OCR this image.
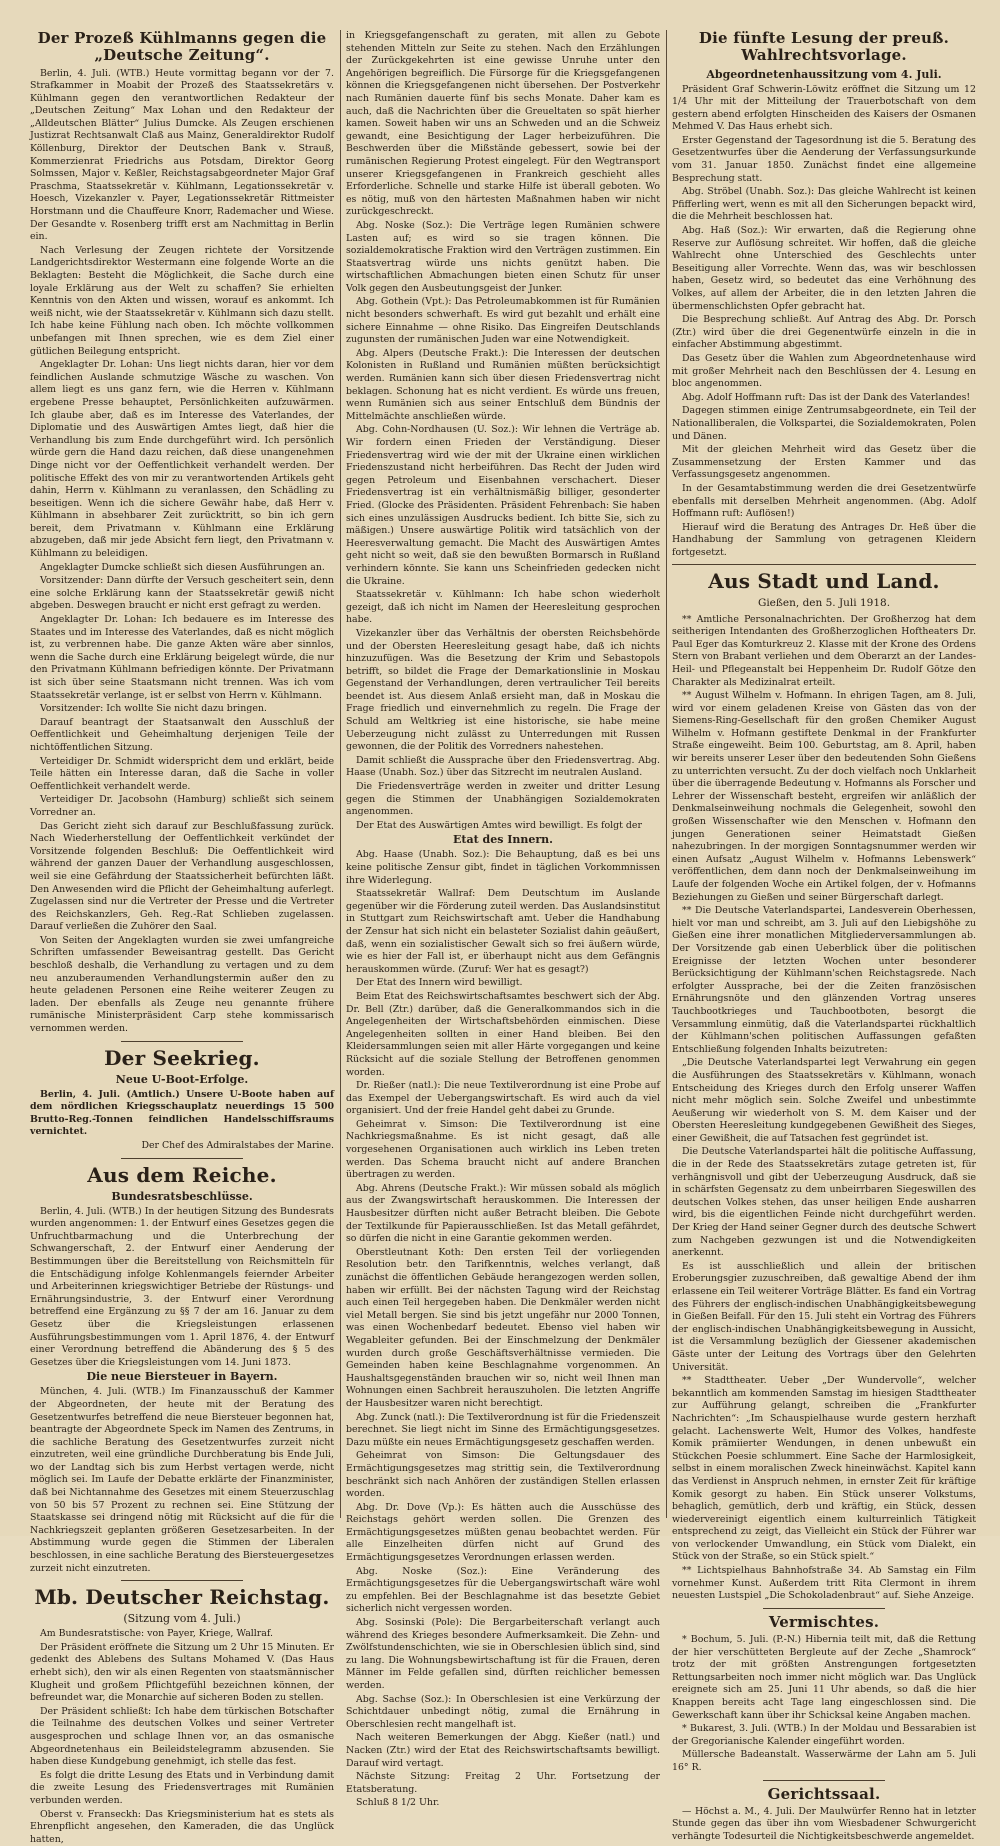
Der Prozeß Kühlmanns gegen die „Deutsche Zeitung“.
Berlin, 4. Juli. (WTB.) Heute vormittag begann vor der 7. Strafkammer in Moabit der Prozeß des Staatssekretärs v. Kühlmann gegen den verantwortlichen Redakteur der „Deutschen Zeitung“ Max Lohan und den Redakteur der „Alldeutschen Blätter“ Julius Dumcke. Als Zeugen erschienen Justizrat Rechtsanwalt Claß aus Mainz, Generaldirektor Rudolf Köllenburg, Direktor der Deutschen Bank v. Strauß, Kommerzienrat Friedrichs aus Potsdam, Direktor Georg Solmssen, Major v. Keßler, Reichstagsabgeordneter Major Graf Praschma, Staatssekretär v. Kühlmann, Legationssekretär v. Hoesch, Vizekanzler v. Payer, Legationssekretär Rittmeister Horstmann und die Chauffeure Knorr, Rademacher und Wiese. Der Gesandte v. Rosenberg trifft erst am Nachmittag in Berlin ein.
Nach Verlesung der Zeugen richtete der Vorsitzende Landgerichtsdirektor Westermann eine folgende Worte an die Beklagten: Besteht die Möglichkeit, die Sache durch eine loyale Erklärung aus der Welt zu schaffen? Sie erhielten Kenntnis von den Akten und wissen, worauf es ankommt. Ich weiß nicht, wie der Staatssekretär v. Kühlmann sich dazu stellt. Ich habe keine Fühlung nach oben. Ich möchte vollkommen unbefangen mit Ihnen sprechen, wie es dem Ziel einer gütlichen Beilegung entspricht.
Angeklagter Dr. Lohan: Uns liegt nichts daran, hier vor dem feindlichen Auslande schmutzige Wäsche zu waschen. Von allem liegt es uns ganz fern, wie die Herren v. Kühlmann ergebene Presse behauptet, Persönlichkeiten aufzuwärmen. Ich glaube aber, daß es im Interesse des Vaterlandes, der Diplomatie und des Auswärtigen Amtes liegt, daß hier die Verhandlung bis zum Ende durchgeführt wird. Ich persönlich würde gern die Hand dazu reichen, daß diese unangenehmen Dinge nicht vor der Oeffentlichkeit verhandelt werden. Der politische Effekt des von mir zu verantwortenden Artikels geht dahin, Herrn v. Kühlmann zu veranlassen, den Schädling zu beseitigen. Wenn ich die sichere Gewähr habe, daß Herr v. Kühlmann in absehbarer Zeit zurücktritt, so bin ich gern bereit, dem Privatmann v. Kühlmann eine Erklärung abzugeben, daß mir jede Absicht fern liegt, den Privatmann v. Kühlmann zu beleidigen.
Angeklagter Dumcke schließt sich diesen Ausführungen an.
Vorsitzender: Dann dürfte der Versuch gescheitert sein, denn eine solche Erklärung kann der Staatssekretär gewiß nicht abgeben. Deswegen braucht er nicht erst gefragt zu werden.
Angeklagter Dr. Lohan: Ich bedauere es im Interesse des Staates und im Interesse des Vaterlandes, daß es nicht möglich ist, zu verbrennen habe. Die ganze Akten wäre aber sinnlos, wenn die Sache durch eine Erklärung beigelegt würde, die nur den Privatmann Kühlmann befriedigen könnte. Der Privatmann ist sich über seine Staatsmann nicht trennen. Was ich vom Staatssekretär verlange, ist er selbst von Herrn v. Kühlmann.
Vorsitzender: Ich wollte Sie nicht dazu bringen.
Darauf beantragt der Staatsanwalt den Ausschluß der Oeffentlichkeit und Geheimhaltung derjenigen Teile der nichtöffentlichen Sitzung.
Verteidiger Dr. Schmidt widerspricht dem und erklärt, beide Teile hätten ein Interesse daran, daß die Sache in voller Oeffentlichkeit verhandelt werde.
Verteidiger Dr. Jacobsohn (Hamburg) schließt sich seinem Vorredner an.
Das Gericht zieht sich darauf zur Beschlußfassung zurück. Nach Wiederherstellung der Oeffentlichkeit verkündet der Vorsitzende folgenden Beschluß: Die Oeffentlichkeit wird während der ganzen Dauer der Verhandlung ausgeschlossen, weil sie eine Gefährdung der Staatssicherheit befürchten läßt. Den Anwesenden wird die Pflicht der Geheimhaltung auferlegt. Zugelassen sind nur die Vertreter der Presse und die Vertreter des Reichskanzlers, Geh. Reg.-Rat Schlieben zugelassen. Darauf verließen die Zuhörer den Saal.
Von Seiten der Angeklagten wurden sie zwei umfangreiche Schriften umfassender Beweisantrag gestellt. Das Gericht beschloß deshalb, die Verhandlung zu vertagen und zu dem neu anzuberaumenden Verhandlungstermin außer den zu heute geladenen Personen eine Reihe weiterer Zeugen zu laden. Der ebenfalls als Zeuge neu genannte frühere rumänische Ministerpräsident Carp stehe kommissarisch vernommen werden.
Der Seekrieg.
Neue U-Boot-Erfolge.
Berlin, 4. Juli. (Amtlich.) Unsere U-Boote haben auf dem nördlichen Kriegsschauplatz neuerdings 15 500 Brutto-Reg.-Tonnen feindlichen Handelsschiffsraums vernichtet.
Der Chef des Admiralstabes der Marine.
Aus dem Reiche.
Bundesratsbeschlüsse.
Berlin, 4. Juli. (WTB.) In der heutigen Sitzung des Bundesrats wurden angenommen: 1. der Entwurf eines Gesetzes gegen die Unfruchtbarmachung und die Unterbrechung der Schwangerschaft, 2. der Entwurf einer Aenderung der Bestimmungen über die Bereitstellung von Reichsmitteln für die Entschädigung infolge Kohlenmangels feiernder Arbeiter und Arbeiterinnen kriegswichtiger Betriebe der Rüstungs- und Ernährungsindustrie, 3. der Entwurf einer Verordnung betreffend eine Ergänzung zu §§ 7 der am 16. Januar zu dem Gesetz über die Kriegsleistungen erlassenen Ausführungsbestimmungen vom 1. April 1876, 4. der Entwurf einer Verordnung betreffend die Abänderung des § 5 des Gesetzes über die Kriegsleistungen vom 14. Juni 1873.
Die neue Biersteuer in Bayern.
München, 4. Juli. (WTB.) Im Finanzausschuß der Kammer der Abgeordneten, der heute mit der Beratung des Gesetzentwurfes betreffend die neue Biersteuer begonnen hat, beantragte der Abgeordnete Speck im Namen des Zentrums, in die sachliche Beratung des Gesetzentwurfes zurzeit nicht einzutreten, weil eine gründliche Durchberatung bis Ende Juli, wo der Landtag sich bis zum Herbst vertagen werde, nicht möglich sei. Im Laufe der Debatte erklärte der Finanzminister, daß bei Nichtannahme des Gesetzes mit einem Steuerzuschlag von 50 bis 57 Prozent zu rechnen sei. Eine Stützung der Staatskasse sei dringend nötig mit Rücksicht auf die für die Nachkriegszeit geplanten größeren Gesetzesarbeiten. In der Abstimmung wurde gegen die Stimmen der Liberalen beschlossen, in eine sachliche Beratung des Biersteuergesetzes zurzeit nicht einzutreten.
Mb. Deutscher Reichstag.
(Sitzung vom 4. Juli.)
Am Bundesratstische: von Payer, Kriege, Wallraf.
Der Präsident eröffnete die Sitzung um 2 Uhr 15 Minuten. Er gedenkt des Ablebens des Sultans Mohamed V. (Das Haus erhebt sich), den wir als einen Regenten von staatsmännischer Klugheit und großem Pflichtgefühl bezeichnen können, der befreundet war, die Monarchie auf sicheren Boden zu stellen.
Der Präsident schließt: Ich habe dem türkischen Botschafter die Teilnahme des deutschen Volkes und seiner Vertreter ausgesprochen und schlage Ihnen vor, an das osmanische Abgeordnetenhaus ein Beileidstelegramm abzusenden. Sie haben diese Kundgebung genehmigt, ich stelle das fest.
Es folgt die dritte Lesung des Etats und in Verbindung damit die zweite Lesung des Friedensvertrages mit Rumänien verbunden werden.
Oberst v. Franseckh: Das Kriegsministerium hat es stets als Ehrenpflicht angesehen, den Kameraden, die das Unglück hatten,
in Kriegsgefangenschaft zu geraten, mit allen zu Gebote stehenden Mitteln zur Seite zu stehen. Nach den Erzählungen der Zurückgekehrten ist eine gewisse Unruhe unter den Angehörigen begreiflich. Die Fürsorge für die Kriegsgefangenen können die Kriegsgefangenen nicht übersehen. Der Postverkehr nach Rumänien dauerte fünf bis sechs Monate. Daher kam es auch, daß die Nachrichten über die Greueltaten so spät hierher kamen. Soweit haben wir uns an Schweden und an die Schweiz gewandt, eine Besichtigung der Lager herbeizuführen. Die Beschwerden über die Mißstände gebessert, sowie bei der rumänischen Regierung Protest eingelegt. Für den Wegtransport unserer Kriegsgefangenen in Frankreich geschieht alles Erforderliche. Schnelle und starke Hilfe ist überall geboten. Wo es nötig, muß von den härtesten Maßnahmen haben wir nicht zurückgeschreckt.
Abg. Noske (Soz.): Die Verträge legen Rumänien schwere Lasten auf; es wird so sie tragen können. Die sozialdemokratische Fraktion wird den Verträgen zustimmen. Ein Staatsvertrag würde uns nichts genützt haben. Die wirtschaftlichen Abmachungen bieten einen Schutz für unser Volk gegen den Ausbeutungsgeist der Junker.
Abg. Gothein (Vpt.): Das Petroleumabkommen ist für Rumänien nicht besonders schwerhaft. Es wird gut bezahlt und erhält eine sichere Einnahme — ohne Risiko. Das Eingreifen Deutschlands zugunsten der rumänischen Juden war eine Notwendigkeit.
Abg. Alpers (Deutsche Frakt.): Die Interessen der deutschen Kolonisten in Rußland und Rumänien müßten berücksichtigt werden. Rumänien kann sich über diesen Friedensvertrag nicht beklagen. Schonung hat es nicht verdient. Es würde uns freuen, wenn Rumänien sich aus seiner Entschluß dem Bündnis der Mittelmächte anschließen würde.
Abg. Cohn-Nordhausen (U. Soz.): Wir lehnen die Verträge ab. Wir fordern einen Frieden der Verständigung. Dieser Friedensvertrag wird wie der mit der Ukraine einen wirklichen Friedenszustand nicht herbeiführen. Das Recht der Juden wird gegen Petroleum und Eisenbahnen verschachert. Dieser Friedensvertrag ist ein verhältnismäßig billiger, gesonderter Fried. (Glocke des Präsidenten. Präsident Fehrenbach: Sie haben sich eines unzulässigen Ausdrucks bedient. Ich bitte Sie, sich zu mäßigen.) Unsere auswärtige Politik wird tatsächlich von der Heeresverwaltung gemacht. Die Macht des Auswärtigen Amtes geht nicht so weit, daß sie den bewußten Bormarsch in Rußland verhindern könnte. Sie kann uns Scheinfrieden gedecken nicht die Ukraine.
Staatssekretär v. Kühlmann: Ich habe schon wiederholt gezeigt, daß ich nicht im Namen der Heeresleitung gesprochen habe.
Vizekanzler über das Verhältnis der obersten Reichsbehörde und der Obersten Heeresleitung gesagt habe, daß ich nichts hinzuzufügen. Was die Besetzung der Krim und Sebastopols betrifft, so bildet die Frage der Demarkationslinie in Moskau Gegenstand der Verhandlungen, deren vertraulicher Teil bereits beendet ist. Aus diesem Anlaß ersieht man, daß in Moskau die Frage friedlich und einvernehmlich zu regeln. Die Frage der Schuld am Weltkrieg ist eine historische, sie habe meine Ueberzeugung nicht zulässt zu Unterredungen mit Russen gewonnen, die der Politik des Vorredners nahestehen.
Damit schließt die Aussprache über den Friedensvertrag. Abg. Haase (Unabh. Soz.) über das Sitzrecht im neutralen Ausland.
Die Friedensverträge werden in zweiter und dritter Lesung gegen die Stimmen der Unabhängigen Sozialdemokraten angenommen.
Der Etat des Auswärtigen Amtes wird bewilligt. Es folgt der
Etat des Innern.
Abg. Haase (Unabh. Soz.): Die Behauptung, daß es bei uns keine politische Zensur gibt, findet in täglichen Vorkommnissen ihre Widerlegung.
Staatssekretär Wallraf: Dem Deutschtum im Auslande gegenüber wir die Förderung zuteil werden. Das Auslandsinstitut in Stuttgart zum Reichswirtschaft amt. Ueber die Handhabung der Zensur hat sich nicht ein belasteter Sozialist dahin geäußert, daß, wenn ein sozialistischer Gewalt sich so frei äußern würde, wie es hier der Fall ist, er überhaupt nicht aus dem Gefängnis herauskommen würde. (Zuruf: Wer hat es gesagt?)
Der Etat des Innern wird bewilligt.
Beim Etat des Reichswirtschaftsamtes beschwert sich der Abg. Dr. Bell (Ztr.) darüber, daß die Generalkommandos sich in die Angelegenheiten der Wirtschaftsbehörden einmischen. Diese Angelegenheiten sollten in einer Hand bleiben. Bei den Kleidersammlungen seien mit aller Härte vorgegangen und keine Rücksicht auf die soziale Stellung der Betroffenen genommen worden.
Dr. Rießer (natl.): Die neue Textilverordnung ist eine Probe auf das Exempel der Uebergangswirtschaft. Es wird auch da viel organisiert. Und der freie Handel geht dabei zu Grunde.
Geheimrat v. Simson: Die Textilverordnung ist eine Nachkriegsmaßnahme. Es ist nicht gesagt, daß alle vorgesehenen Organisationen auch wirklich ins Leben treten werden. Das Schema braucht nicht auf andere Branchen übertragen zu werden.
Abg. Ahrens (Deutsche Frakt.): Wir müssen sobald als möglich aus der Zwangswirtschaft herauskommen. Die Interessen der Hausbesitzer dürften nicht außer Betracht bleiben. Die Gebote der Textilkunde für Papierausschließen. Ist das Metall gefährdet, so dürfen die nicht in eine Garantie gekommen werden.
Oberstleutnant Koth: Den ersten Teil der vorliegenden Resolution betr. den Tarifkenntnis, welches verlangt, daß zunächst die öffentlichen Gebäude herangezogen werden sollen, haben wir erfüllt. Bei der nächsten Tagung wird der Reichstag auch einen Teil hergegeben haben. Die Denkmäler werden nicht viel Metall bergen. Sie sind bis jetzt ungefähr nur 2000 Tonnen, was einen Wochenbedarf bedeutet. Ebenso viel haben wir Wegableiter gefunden. Bei der Einschmelzung der Denkmäler wurden durch große Geschäftsverhältnisse vermieden. Die Gemeinden haben keine Beschlagnahme vorgenommen. An Haushaltsgegenständen brauchen wir so, nicht weil Ihnen man Wohnungen einen Sachbreit herauszuholen. Die letzten Angriffe der Hausbesitzer waren nicht berechtigt.
Abg. Zunck (natl.): Die Textilverordnung ist für die Friedenszeit berechnet. Sie liegt nicht im Sinne des Ermächtigungsgesetzes. Dazu müßte ein neues Ermächtigungsgesetz geschaffen werden.
Geheimrat von Simson: Die Geltungsdauer des Ermächtigungsgesetzes mag strittig sein, die Textilverordnung beschränkt sich nach Anhören der zuständigen Stellen erlassen worden.
Abg. Dr. Dove (Vp.): Es hätten auch die Ausschüsse des Reichstags gehört werden sollen. Die Grenzen des Ermächtigungsgesetzes müßten genau beobachtet werden. Für alle Einzelheiten dürfen nicht auf Grund des Ermächtigungsgesetzes Verordnungen erlassen werden.
Abg. Noske (Soz.): Eine Veränderung des Ermächtigungsgesetzes für die Uebergangswirtschaft wäre wohl zu empfehlen. Bei der Beschlagnahme ist das besetzte Gebiet sicherlich nicht vergessen worden.
Abg. Sosinski (Pole): Die Bergarbeiterschaft verlangt auch während des Krieges besondere Aufmerksamkeit. Die Zehn- und Zwölfstundenschichten, wie sie in Oberschlesien üblich sind, sind zu lang. Die Wohnungsbewirtschaftung ist für die Frauen, deren Männer im Felde gefallen sind, dürften reichlicher bemessen werden.
Abg. Sachse (Soz.): In Oberschlesien ist eine Verkürzung der Schichtdauer unbedingt nötig, zumal die Ernährung in Oberschlesien recht mangelhaft ist.
Nach weiteren Bemerkungen der Abgg. Kießer (natl.) und Nacken (Ztr.) wird der Etat des Reichswirtschaftsamts bewilligt. Darauf wird vertagt.
Nächste Sitzung: Freitag 2 Uhr. Fortsetzung der Etatsberatung.
Schluß 8 1/2 Uhr.
Die fünfte Lesung der preuß. Wahlrechtsvorlage.
Abgeordnetenhaussitzung vom 4. Juli.
Präsident Graf Schwerin-Löwitz eröffnet die Sitzung um 12 1/4 Uhr mit der Mitteilung der Trauerbotschaft von dem gestern abend erfolgten Hinscheiden des Kaisers der Osmanen Mehmed V. Das Haus erhebt sich.
Erster Gegenstand der Tagesordnung ist die 5. Beratung des Gesetzentwurfes über die Aenderung der Verfassungsurkunde vom 31. Januar 1850. Zunächst findet eine allgemeine Besprechung statt.
Abg. Ströbel (Unabh. Soz.): Das gleiche Wahlrecht ist keinen Pfifferling wert, wenn es mit all den Sicherungen bepackt wird, die die Mehrheit beschlossen hat.
Abg. Haß (Soz.): Wir erwarten, daß die Regierung ohne Reserve zur Auflösung schreitet. Wir hoffen, daß die gleiche Wahlrecht ohne Unterschied des Geschlechts unter Beseitigung aller Vorrechte. Wenn das, was wir beschlossen haben, Gesetz wird, so bedeutet das eine Verhöhnung des Volkes, auf allem der Arbeiter, die in den letzten Jahren die übermenschlichsten Opfer gebracht hat.
Die Besprechung schließt. Auf Antrag des Abg. Dr. Porsch (Ztr.) wird über die drei Gegenentwürfe einzeln in die in einfacher Abstimmung abgestimmt.
Das Gesetz über die Wahlen zum Abgeordnetenhause wird mit großer Mehrheit nach den Beschlüssen der 4. Lesung en bloc angenommen.
Abg. Adolf Hoffmann ruft: Das ist der Dank des Vaterlandes!
Dagegen stimmen einige Zentrumsabgeordnete, ein Teil der Nationalliberalen, die Volkspartei, die Sozialdemokraten, Polen und Dänen.
Mit der gleichen Mehrheit wird das Gesetz über die Zusammensetzung der Ersten Kammer und das Verfassungsgesetz angenommen.
In der Gesamtabstimmung werden die drei Gesetzentwürfe ebenfalls mit derselben Mehrheit angenommen. (Abg. Adolf Hoffmann ruft: Auflösen!)
Hierauf wird die Beratung des Antrages Dr. Heß über die Handhabung der Sammlung von getragenen Kleidern fortgesetzt.
Aus Stadt und Land.
Gießen, den 5. Juli 1918.
** Amtliche Personalnachrichten. Der Großherzog hat dem seitherigen Intendanten des Großherzoglichen Hoftheaters Dr. Paul Eger das Komturkreuz 2. Klasse mit der Krone des Ordens Stern von Brabant verliehen und dem Oberarzt an der Landes-Heil- und Pflegeanstalt bei Heppenheim Dr. Rudolf Götze den Charakter als Medizinalrat erteilt.
** August Wilhelm v. Hofmann. In ehrigen Tagen, am 8. Juli, wird vor einem geladenen Kreise von Gästen das von der Siemens-Ring-Gesellschaft für den großen Chemiker August Wilhelm v. Hofmann gestiftete Denkmal in der Frankfurter Straße eingeweiht. Beim 100. Geburtstag, am 8. April, haben wir bereits unserer Leser über den bedeutenden Sohn Gießens zu unterrichten versucht. Zu der doch vielfach noch Unklarheit über die überragende Bedeutung v. Hofmanns als Forscher und Lehrer der Wissenschaft besteht, ergreifen wir anläßlich der Denkmalseinweihung nochmals die Gelegenheit, sowohl den großen Wissenschafter wie den Menschen v. Hofmann den jungen Generationen seiner Heimatstadt Gießen nahezubringen. In der morgigen Sonntagsnummer werden wir einen Aufsatz „August Wilhelm v. Hofmanns Lebenswerk“ veröffentlichen, dem dann noch der Denkmalseinweihung im Laufe der folgenden Woche ein Artikel folgen, der v. Hofmanns Beziehungen zu Gießen und seiner Bürgerschaft darlegt.
** Die Deutsche Vaterlandspartei, Landesverein Oberhessen, hielt vor man und schreibt, am 3. Juli auf den Liebigshöhe zu Gießen eine ihrer monatlichen Mitgliederversammlungen ab. Der Vorsitzende gab einen Ueberblick über die politischen Ereignisse der letzten Wochen unter besonderer Berücksichtigung der Kühlmann'schen Reichstagsrede. Nach erfolgter Aussprache, bei der die Zeiten französischen Ernährungsnöte und den glänzenden Vortrag unseres Tauchbootkrieges und Tauchbootboten, besorgt die Versammlung einmütig, daß die Vaterlandspartei rückhaltlich der Kühlmann'schen politischen Auffassungen gefaßten Entschließung folgenden Inhalts beizutreten:
„Die Deutsche Vaterlandspartei legt Verwahrung ein gegen die Ausführungen des Staatssekretärs v. Kühlmann, wonach Entscheidung des Krieges durch den Erfolg unserer Waffen nicht mehr möglich sein. Solche Zweifel und unbestimmte Aeußerung wir wiederholt von S. M. dem Kaiser und der Obersten Heeresleitung kundgegebenen Gewißheit des Sieges, einer Gewißheit, die auf Tatsachen fest gegründet ist.
Die Deutsche Vaterlandspartei hält die politische Auffassung, die in der Rede des Staatssekretärs zutage getreten ist, für verhängnisvoll und gibt der Ueberzeugung Ausdruck, daß sie in schärfsten Gegensatz zu dem unbeirrbaren Siegeswillen des deutschen Volkes stehen, das unser heiligen Ende ausharren wird, bis die eigentlichen Feinde nicht durchgeführt werden. Der Krieg der Hand seiner Gegner durch des deutsche Schwert zum Nachgeben gezwungen ist und die Notwendigkeiten anerkennt.
Es ist ausschließlich und allein der britischen Eroberungsgier zuzuschreiben, daß gewaltige Abend der ihm erlassene ein Teil weiterer Vorträge Blätter. Es fand ein Vortrag des Führers der englisch-indischen Unabhängigkeitsbewegung in Gießen Beifall. Für den 15. Juli steht ein Vortrag des Führers der englisch-indischen Unabhängigkeitsbewegung in Aussicht, ist die Versammlung bezüglich der Giessener akademischen Gäste unter der Leitung des Vortrags über den Gelehrten Universität.
** Stadttheater. Ueber „Der Wundervolle“, welcher bekanntlich am kommenden Samstag im hiesigen Stadttheater zur Aufführung gelangt, schreiben die „Frankfurter Nachrichten“: „Im Schauspielhause wurde gestern herzhaft gelacht. Lachenswerte Welt, Humor des Volkes, handfeste Komik prämiierter Wendungen, in denen unbewußt ein Stückchen Poesie schlummert. Eine Sache der Harmlosigkeit, selbst in einem moralischen Zweck hineinwächst. Kapitel kann das Verdienst in Anspruch nehmen, in ernster Zeit für kräftige Komik gesorgt zu haben. Ein Stück unserer Volkstums, behaglich, gemütlich, derb und kräftig, ein Stück, dessen wiedervereinigt eigentlich einem kulturreinlich Tätigkeit entsprechend zu zeigt, das Vielleicht ein Stück der Führer war von verlockender Umwandlung, ein Stück vom Dialekt, ein Stück von der Straße, so ein Stück spielt.“
** Lichtspielhaus Bahnhofstraße 34. Ab Samstag ein Film vornehmer Kunst. Außerdem tritt Rita Clermont in ihrem neuesten Lustspiel „Die Schokoladenbraut“ auf. Siehe Anzeige.
Vermischtes.
* Bochum, 5. Juli. (P.-N.) Hibernia teilt mit, daß die Rettung der hier verschütteten Bergleute auf der Zeche „Shamrock“ trotz der mit größten Anstrengungen fortgesetzten Rettungsarbeiten noch immer nicht möglich war. Das Unglück ereignete sich am 25. Juni 11 Uhr abends, so daß die hier Knappen bereits acht Tage lang eingeschlossen sind. Die Gewerkschaft kann über ihr Schicksal keine Angaben machen.
* Bukarest, 3. Juli. (WTB.) In der Moldau und Bessarabien ist der Gregorianische Kalender eingeführt worden.
Müllersche Badeanstalt. Wasserwärme der Lahn am 5. Juli 16° R.
Gerichtssaal.
— Höchst a. M., 4. Juli. Der Maulwürfer Renno hat in letzter Stunde gegen das über ihn vom Wiesbadener Schwurgericht verhängte Todesurteil die Nichtigkeitsbeschwerde angemeldet.
